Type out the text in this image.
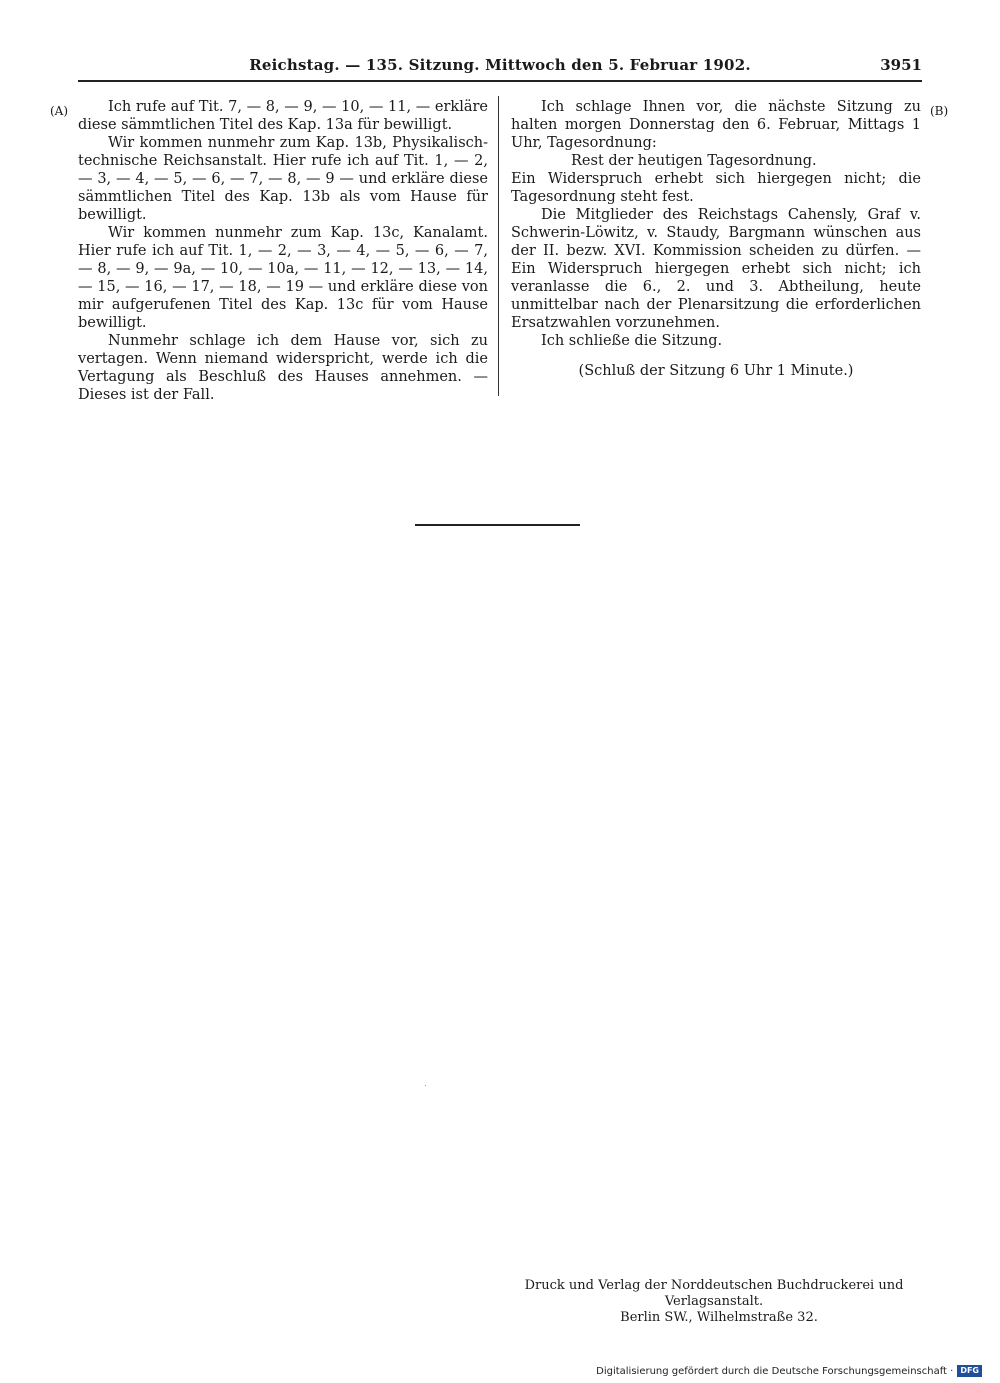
Reichstag. — 135. Sitzung. Mittwoch den 5. Februar 1902.	3951
(A)	(B)

Ich rufe auf Tit. 7, — 8, — 9, — 10, — 11, — erkläre diese sämmtlichen Titel des Kap. 13a für bewilligt.

Wir kommen nunmehr zum Kap. 13b, Physikalisch-technische Reichsanstalt. Hier rufe ich auf Tit. 1, — 2, — 3, — 4, — 5, — 6, — 7, — 8, — 9 — und erkläre diese sämmtlichen Titel des Kap. 13b als vom Hause für bewilligt.

Wir kommen nunmehr zum Kap. 13c, Kanalamt. Hier rufe ich auf Tit. 1, — 2, — 3, — 4, — 5, — 6, — 7, — 8, — 9, — 9a, — 10, — 10a, — 11, — 12, — 13, — 14, — 15, — 16, — 17, — 18, — 19 — und erkläre diese von mir aufgerufenen Titel des Kap. 13c für vom Hause bewilligt.

Nunmehr schlage ich dem Hause vor, sich zu vertagen. Wenn niemand widerspricht, werde ich die Vertagung als Beschluß des Hauses annehmen. — Dieses ist der Fall.

Ich schlage Ihnen vor, die nächste Sitzung zu halten morgen Donnerstag den 6. Februar, Mittags 1 Uhr, Tagesordnung:

Rest der heutigen Tagesordnung.

Ein Widerspruch erhebt sich hiergegen nicht; die Tagesordnung steht fest.

Die Mitglieder des Reichstags Cahensly, Graf v. Schwerin-Löwitz, v. Staudy, Bargmann wünschen aus der II. bezw. XVI. Kommission scheiden zu dürfen. — Ein Widerspruch hiergegen erhebt sich nicht; ich veranlasse die 6., 2. und 3. Abtheilung, heute unmittelbar nach der Plenarsitzung die erforderlichen Ersatzwahlen vorzunehmen.

Ich schließe die Sitzung.

(Schluß der Sitzung 6 Uhr 1 Minute.)

Druck und Verlag der Norddeutschen Buchdruckerei und Verlagsanstalt.
Berlin SW., Wilhelmstraße 32.
Digitalisierung gefördert durch die Deutsche Forschungsgemeinschaft · DFG
